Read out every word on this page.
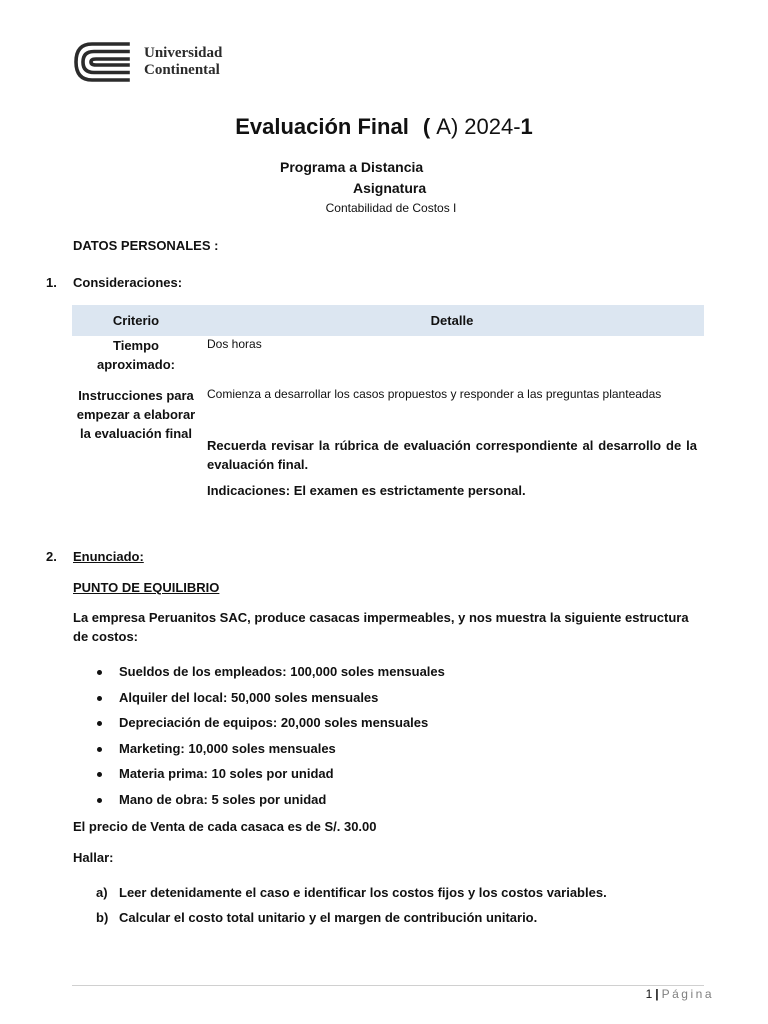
Universidad
Continental
Evaluación Final ( A) 2024-1
Programa a Distancia
Asignatura
Contabilidad de Costos I
DATOS PERSONALES :
1. Consideraciones:
Criterio	Detalle

Tiempo aproximado:	Dos horas

Instrucciones para empezar a elaborar la evaluación final	Comienza a desarrollar los casos propuestos y responder a las preguntas planteadas
Recuerda revisar la rúbrica de evaluación correspondiente al desarrollo de la evaluación final.
Indicaciones: El examen es estrictamente personal.
2. Enunciado:
PUNTO DE EQUILIBRIO
La empresa Peruanitos SAC, produce casacas impermeables, y nos muestra la siguiente estructura de costos:
Sueldos de los empleados: 100,000 soles mensuales
Alquiler del local: 50,000 soles mensuales
Depreciación de equipos: 20,000 soles mensuales
Marketing: 10,000 soles mensuales
Materia prima: 10 soles por unidad
Mano de obra: 5 soles por unidad
El precio de Venta de cada casaca es de S/. 30.00
Hallar:
a) Leer detenidamente el caso e identificar los costos fijos y los costos variables.
b) Calcular el costo total unitario y el margen de contribución unitario.
1 | Página
